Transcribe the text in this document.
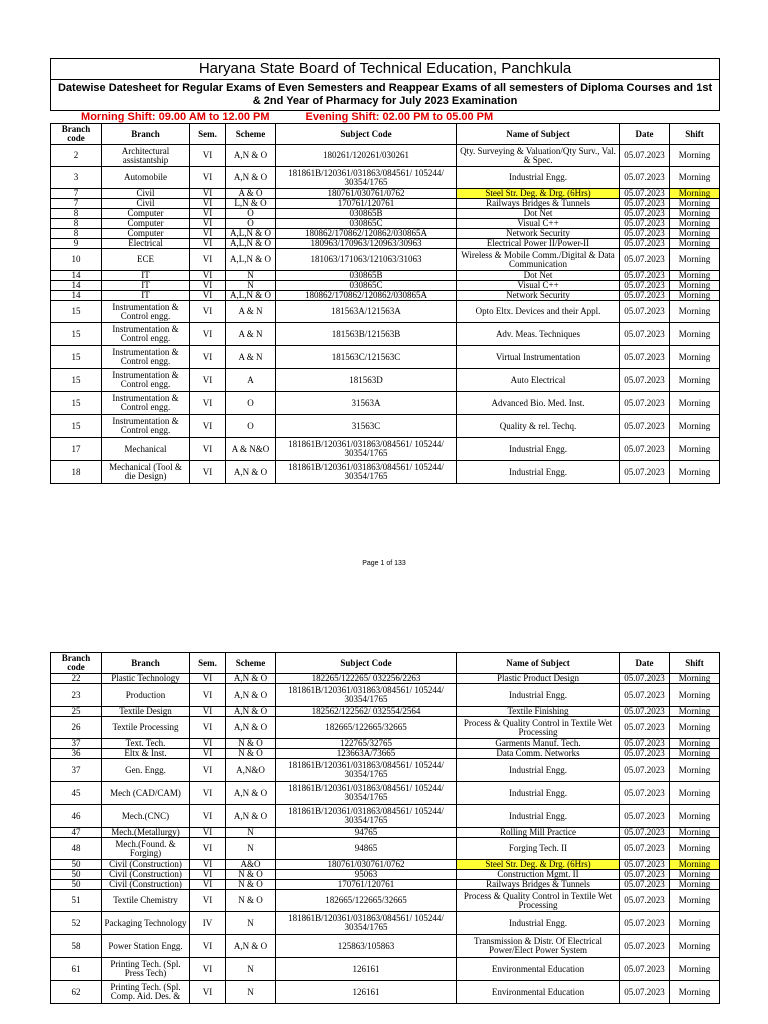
Haryana State Board of Technical Education, Panchkula							
Datewise Datesheet for Regular Exams of Even Semesters and Reappear Exams of all semesters of Diploma Courses and 1st & 2nd Year of Pharmacy for July 2023 Examination							
Morning Shift: 09.00 AM to 12.00 PM				Evening Shift: 02.00 PM to 05.00 PM			
Branch code	Branch	Sem.	Scheme	Subject Code	Name of Subject	Date	Shift
2	Architectural assistantship	VI	A,N & O	180261/120261/030261	Qty. Surveying & Valuation/Qty Surv., Val. & Spec.	05.07.2023	Morning
3	Automobile	VI	A,N & O	181861B/120361/031863/084561/ 105244/ 30354/1765	Industrial Engg.	05.07.2023	Morning
7	Civil	VI	A & O	180761/030761/0762	Steel Str. Deg. & Drg. (6Hrs)	05.07.2023	Morning
7	Civil	VI	L,N & O	170761/120761	Railways Bridges & Tunnels	05.07.2023	Morning
8	Computer	VI	O	030865B	Dot Net	05.07.2023	Morning
8	Computer	VI	O	030865C	Visual C++	05.07.2023	Morning
8	Computer	VI	A,L,N & O	180862/170862/120862/030865A	Network Security	05.07.2023	Morning
9	Electrical	VI	A,L,N & O	180963/170963/120963/30963	Electrical Power II/Power-II	05.07.2023	Morning
10	ECE	VI	A,L,N & O	181063/171063/121063/31063	Wireless & Mobile Comm./Digital & Data Communication	05.07.2023	Morning
14	IT	VI	N	030865B	Dot Net	05.07.2023	Morning
14	IT	VI	N	030865C	Visual C++	05.07.2023	Morning
14	IT	VI	A,L,N & O	180862/170862/120862/030865A	Network Security	05.07.2023	Morning
15	Instrumentation & Control engg.	VI	A & N	181563A/121563A	Opto Eltx. Devices and their Appl.	05.07.2023	Morning
15	Instrumentation & Control engg.	VI	A & N	181563B/121563B	Adv. Meas. Techniques	05.07.2023	Morning
15	Instrumentation & Control engg.	VI	A & N	181563C/121563C	Virtual Instrumentation	05.07.2023	Morning
15	Instrumentation & Control engg.	VI	A	181563D	Auto Electrical	05.07.2023	Morning
15	Instrumentation & Control engg.	VI	O	31563A	Advanced Bio. Med. Inst.	05.07.2023	Morning
15	Instrumentation & Control engg.	VI	O	31563C	Quality & rel. Techq.	05.07.2023	Morning
17	Mechanical	VI	A & N&O	181861B/120361/031863/084561/ 105244/ 30354/1765	Industrial Engg.	05.07.2023	Morning
18	Mechanical (Tool & die Design)	VI	A,N & O	181861B/120361/031863/084561/ 105244/ 30354/1765	Industrial Engg.	05.07.2023	Morning
Page 1 of 133
Branch code	Branch	Sem.	Scheme	Subject Code	Name of Subject	Date	Shift
22	Plastic Technology	VI	A,N & O	182265/122265/ 032256/2263	Plastic Product Design	05.07.2023	Morning
23	Production	VI	A,N & O	181861B/120361/031863/084561/ 105244/ 30354/1765	Industrial Engg.	05.07.2023	Morning
25	Textile Design	VI	A,N & O	182562/122562/ 032554/2564	Textile Finishing	05.07.2023	Morning
26	Textile Processing	VI	A,N & O	182665/122665/32665	Process & Quality Control in Textile Wet Processing	05.07.2023	Morning
37	Text. Tech.	VI	N & O	122765/32765	Garments Manuf. Tech.	05.07.2023	Morning
36	Eltx & Inst.	VI	N & O	123663A/73665	Data Comm. Networks	05.07.2023	Morning
37	Gen. Engg.	VI	A,N&O	181861B/120361/031863/084561/ 105244/ 30354/1765	Industrial Engg.	05.07.2023	Morning
45	Mech (CAD/CAM)	VI	A,N & O	181861B/120361/031863/084561/ 105244/ 30354/1765	Industrial Engg.	05.07.2023	Morning
46	Mech.(CNC)	VI	A,N & O	181861B/120361/031863/084561/ 105244/ 30354/1765	Industrial Engg.	05.07.2023	Morning
47	Mech.(Metallurgy)	VI	N	94765	Rolling Mill Practice	05.07.2023	Morning
48	Mech.(Found. & Forging)	VI	N	94865	Forging Tech. II	05.07.2023	Morning
50	Civil (Construction)	VI	A&O	180761/030761/0762	Steel Str. Deg. & Drg. (6Hrs)	05.07.2023	Morning
50	Civil (Construction)	VI	N & O	95063	Construction Mgmt. II	05.07.2023	Morning
50	Civil (Construction)	VI	N & O	170761/120761	Railways Bridges & Tunnels	05.07.2023	Morning
51	Textile Chemistry	VI	N & O	182665/122665/32665	Process & Quality Control in Textile Wet Processing	05.07.2023	Morning
52	Packaging Technology	IV	N	181861B/120361/031863/084561/ 105244/ 30354/1765	Industrial Engg.	05.07.2023	Morning
58	Power Station Engg.	VI	A,N & O	125863/105863	Transmission & Distr. Of Electrical Power/Elect Power System	05.07.2023	Morning
61	Printing Tech. (Spl. Press Tech)	VI	N	126161	Environmental Education	05.07.2023	Morning
62	Printing Tech. (Spl. Comp. Aid. Des. &	VI	N	126161	Environmental Education	05.07.2023	Morning
